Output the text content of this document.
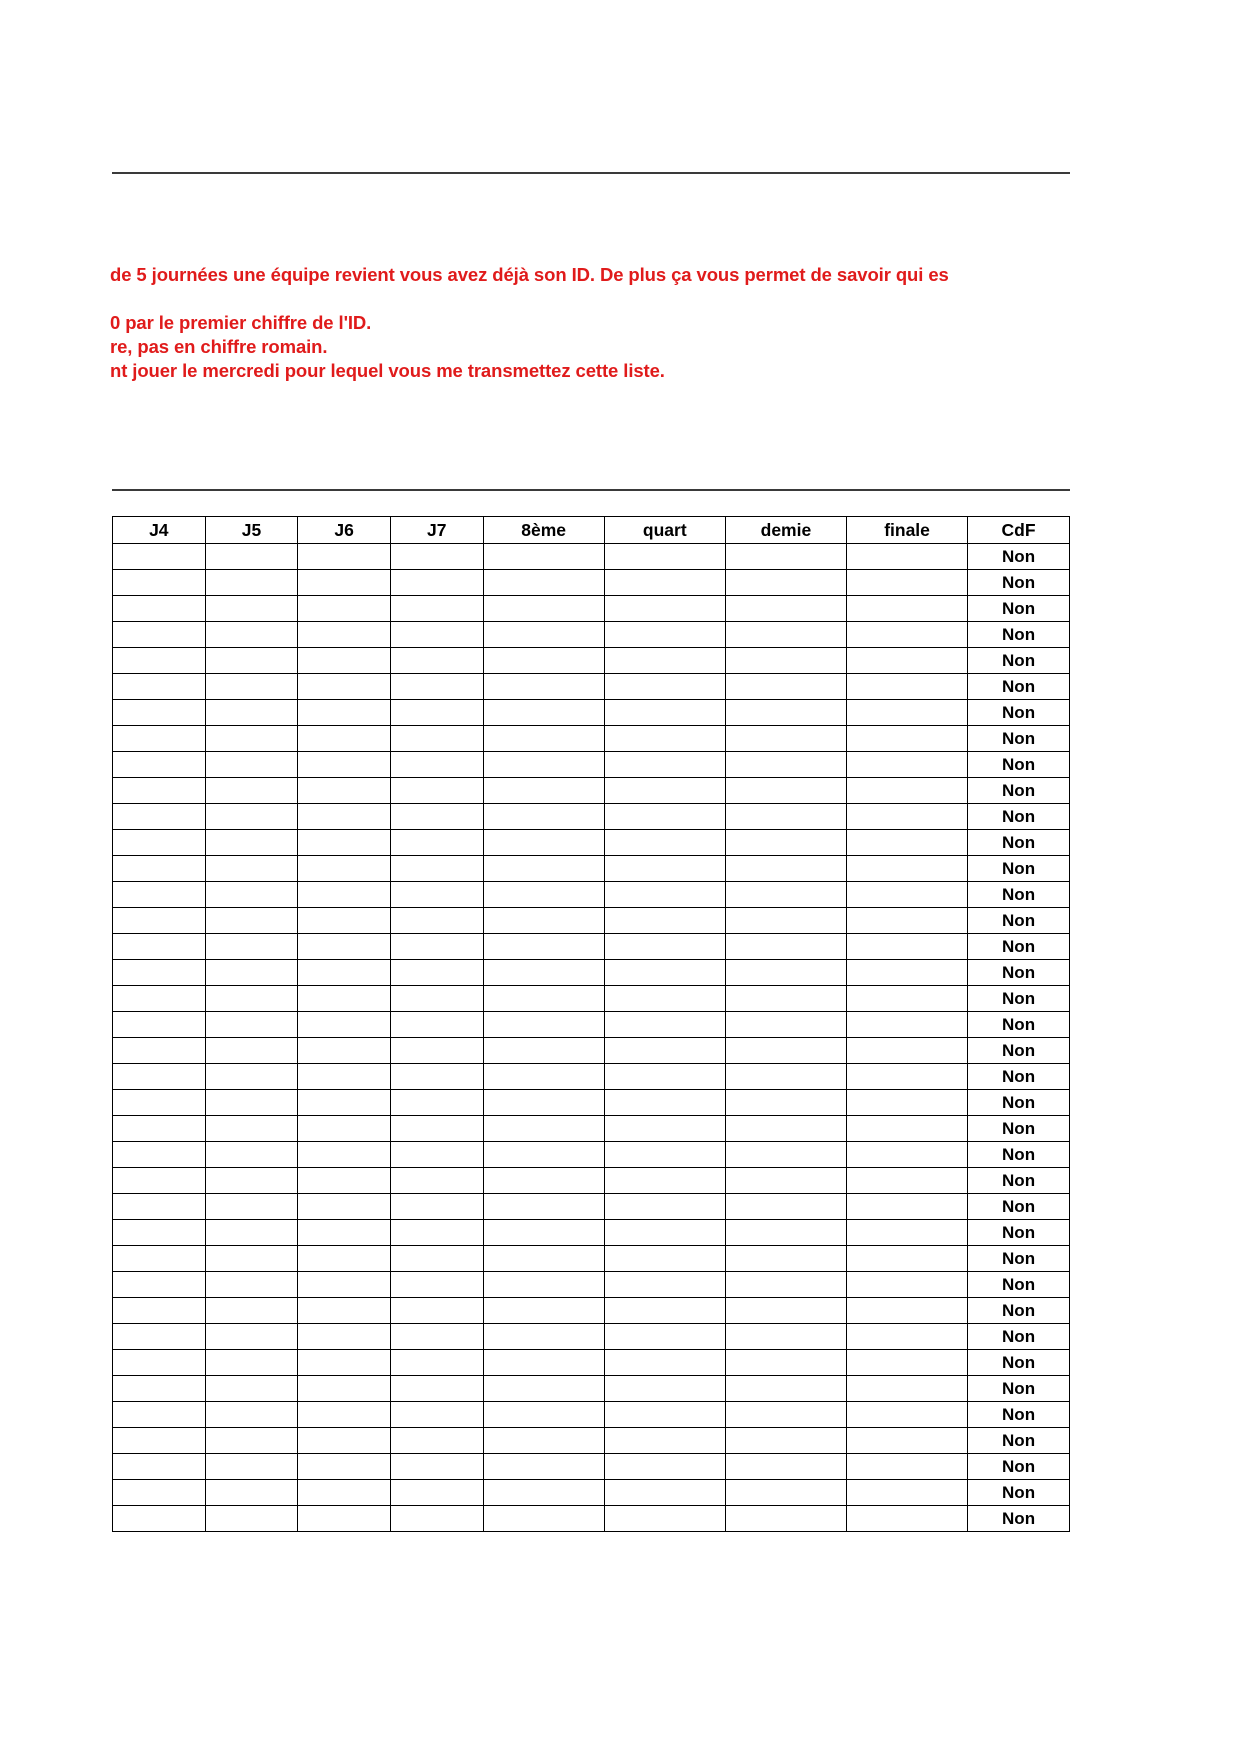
de 5 journées une équipe revient vous avez déjà son ID. De plus ça vous permet de savoir qui es
0 par le premier chiffre de l'ID.
re, pas en chiffre romain.
nt jouer le mercredi pour lequel vous me transmettez cette liste.
J4	J5	J6	J7	8ème	quart	demie	finale	CdF
								Non
								Non
								Non
								Non
								Non
								Non
								Non
								Non
								Non
								Non
								Non
								Non
								Non
								Non
								Non
								Non
								Non
								Non
								Non
								Non
								Non
								Non
								Non
								Non
								Non
								Non
								Non
								Non
								Non
								Non
								Non
								Non
								Non
								Non
								Non
								Non
								Non
								Non
